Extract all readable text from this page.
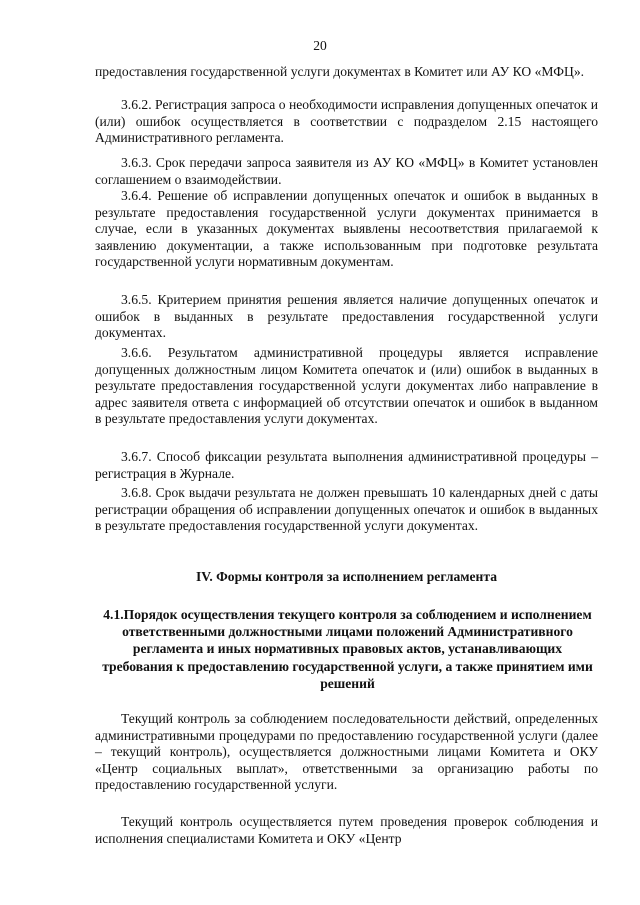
20

предоставления государственной услуги документах в Комитет или АУ КО «МФЦ».

3.6.2. Регистрация запроса о необходимости исправления допущенных опечаток и (или) ошибок осуществляется в соответствии с подразделом 2.15 настоящего Административного регламента.

3.6.3. Срок передачи запроса заявителя из АУ КО «МФЦ» в Комитет установлен соглашением о взаимодействии.

3.6.4. Решение об исправлении допущенных опечаток и ошибок в выданных в результате предоставления государственной услуги документах принимается в случае, если в указанных документах выявлены несоответствия прилагаемой к заявлению документации, а также использованным при подготовке результата государственной услуги нормативным документам.

3.6.5. Критерием принятия решения является наличие допущенных опечаток и ошибок в выданных в результате предоставления государственной услуги документах.

3.6.6. Результатом административной процедуры является исправление допущенных должностным лицом Комитета опечаток и (или) ошибок в выданных в результате предоставления государственной услуги документах либо направление в адрес заявителя ответа с информацией об отсутствии опечаток и ошибок в выданном в результате предоставления услуги документах.

3.6.7. Способ фиксации результата выполнения административной процедуры – регистрация в Журнале.

3.6.8. Срок выдачи результата не должен превышать 10 календарных дней с даты регистрации обращения об исправлении допущенных опечаток и ошибок в выданных в результате предоставления государственной услуги документах.

IV. Формы контроля за исполнением регламента
4.1.Порядок осуществления текущего контроля за соблюдением и исполнением ответственными должностными лицами положений Административного регламента и иных нормативных правовых актов, устанавливающих требования к предоставлению государственной услуги, а также принятием ими решений

Текущий контроль за соблюдением последовательности действий, определенных административными процедурами по предоставлению государственной услуги (далее – текущий контроль), осуществляется должностными лицами Комитета и ОКУ «Центр социальных выплат», ответственными за организацию работы по предоставлению государственной услуги.

Текущий контроль осуществляется путем проведения проверок соблюдения и исполнения специалистами Комитета и ОКУ «Центр
